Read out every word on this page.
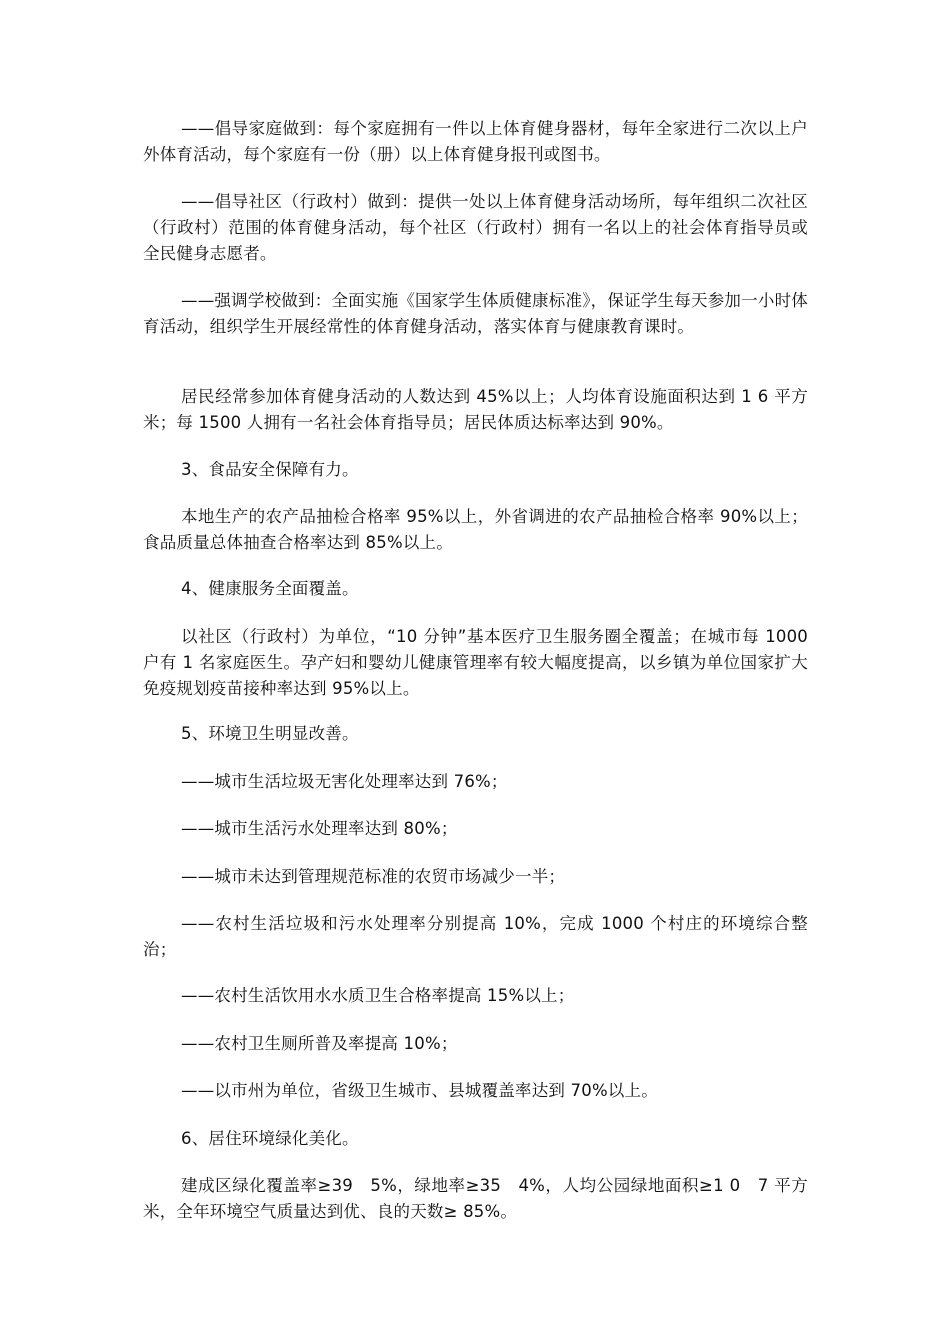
——倡导家庭做到：每个家庭拥有一件以上体育健身器材，每年全家进行二次以上户外体育活动，每个家庭有一份（册）以上体育健身报刊或图书。

——倡导社区（行政村）做到：提供一处以上体育健身活动场所，每年组织二次社区（行政村）范围的体育健身活动，每个社区（行政村）拥有一名以上的社会体育指导员或全民健身志愿者。

——强调学校做到：全面实施《国家学生体质健康标准》，保证学生每天参加一小时体育活动，组织学生开展经常性的体育健身活动，落实体育与健康教育课时。

居民经常参加体育健身活动的人数达到 45%以上；人均体育设施面积达到 1 6 平方米；每 1500 人拥有一名社会体育指导员；居民体质达标率达到 90%。

3、食品安全保障有力。

本地生产的农产品抽检合格率 95%以上，外省调进的农产品抽检合格率 90%以上；食品质量总体抽查合格率达到 85%以上。

4、健康服务全面覆盖。

以社区（行政村）为单位，“10 分钟”基本医疗卫生服务圈全覆盖；在城市每 1000 户有 1 名家庭医生。孕产妇和婴幼儿健康管理率有较大幅度提高，以乡镇为单位国家扩大免疫规划疫苗接种率达到 95%以上。

5、环境卫生明显改善。

——城市生活垃圾无害化处理率达到 76%；

——城市生活污水处理率达到 80%；

——城市未达到管理规范标准的农贸市场减少一半；

——农村生活垃圾和污水处理率分别提高 10%，完成 1000 个村庄的环境综合整治；

——农村生活饮用水水质卫生合格率提高 15%以上；

——农村卫生厕所普及率提高 10%；

——以市州为单位，省级卫生城市、县城覆盖率达到 70%以上。

6、居住环境绿化美化。

建成区绿化覆盖率≥39　5%，绿地率≥35　4%，人均公园绿地面积≥1 0　7 平方米，全年环境空气质量达到优、良的天数≥ 85%。
